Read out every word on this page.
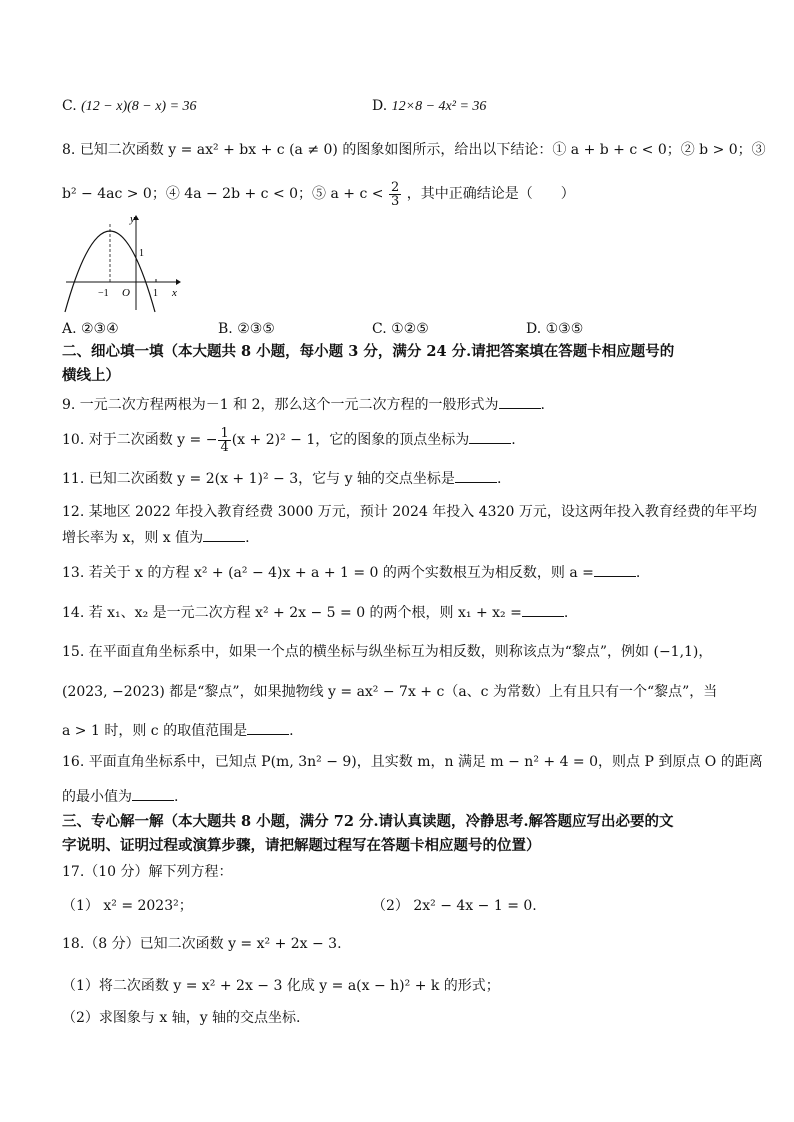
C. (12 − x)(8 − x) = 36	D. 12×8 − 4x² = 36
8. 已知二次函数 y = ax² + bx + c (a ≠ 0) 的图象如图所示，给出以下结论：① a + b + c < 0；② b > 0；③
b² − 4ac > 0；④ 4a − 2b + c < 0；⑤ $a + c < \frac{2}{3}$ ，其中正确结论是（　　）
y
x
O
−1	1
1
A. ②③④	B. ②③⑤	C. ①②⑤	D. ①③⑤
二、细心填一填（本大题共 8 小题，每小题 3 分，满分 24 分.请把答案填在答题卡相应题号的
横线上）
9. 一元二次方程两根为－1 和 2，那么这个一元二次方程的一般形式为	.
10. 对于二次函数 y = − $\frac{1}{4} (x + 2)^2 - 1$，它的图象的顶点坐标为	.
11. 已知二次函数 y = 2(x + 1)² − 3，它与 y 轴的交点坐标是	.
12. 某地区 2022 年投入教育经费 3000 万元，预计 2024 年投入 4320 万元，设这两年投入教育经费的年平均
增长率为 x，则 x 值为	.
13. 若关于 x 的方程 x² + (a² − 4)x + a + 1 = 0 的两个实数根互为相反数，则 a =	.
14. 若 x₁、x₂ 是一元二次方程 x² + 2x − 5 = 0 的两个根，则 x₁ + x₂ =	.
15. 在平面直角坐标系中，如果一个点的横坐标与纵坐标互为相反数，则称该点为“黎点”，例如 (−1,1)，
(2023, −2023) 都是“黎点”，如果抛物线 y = ax² − 7x + c（a、c 为常数）上有且只有一个“黎点”，当
a > 1 时，则 c 的取值范围是	.
16. 平面直角坐标系中，已知点 P(m, 3n² − 9)，且实数 m，n 满足 m − n² + 4 = 0，则点 P 到原点 O 的距离
的最小值为	.
三、专心解一解（本大题共 8 小题，满分 72 分.请认真读题，冷静思考.解答题应写出必要的文
字说明、证明过程或演算步骤，请把解题过程写在答题卡相应题号的位置）
17.（10 分）解下列方程：
（1） x² = 2023²；	（2） 2x² − 4x − 1 = 0.
18.（8 分）已知二次函数 y = x² + 2x − 3.
（1）将二次函数 y = x² + 2x − 3 化成 y = a(x − h)² + k 的形式；
（2）求图象与 x 轴，y 轴的交点坐标.
